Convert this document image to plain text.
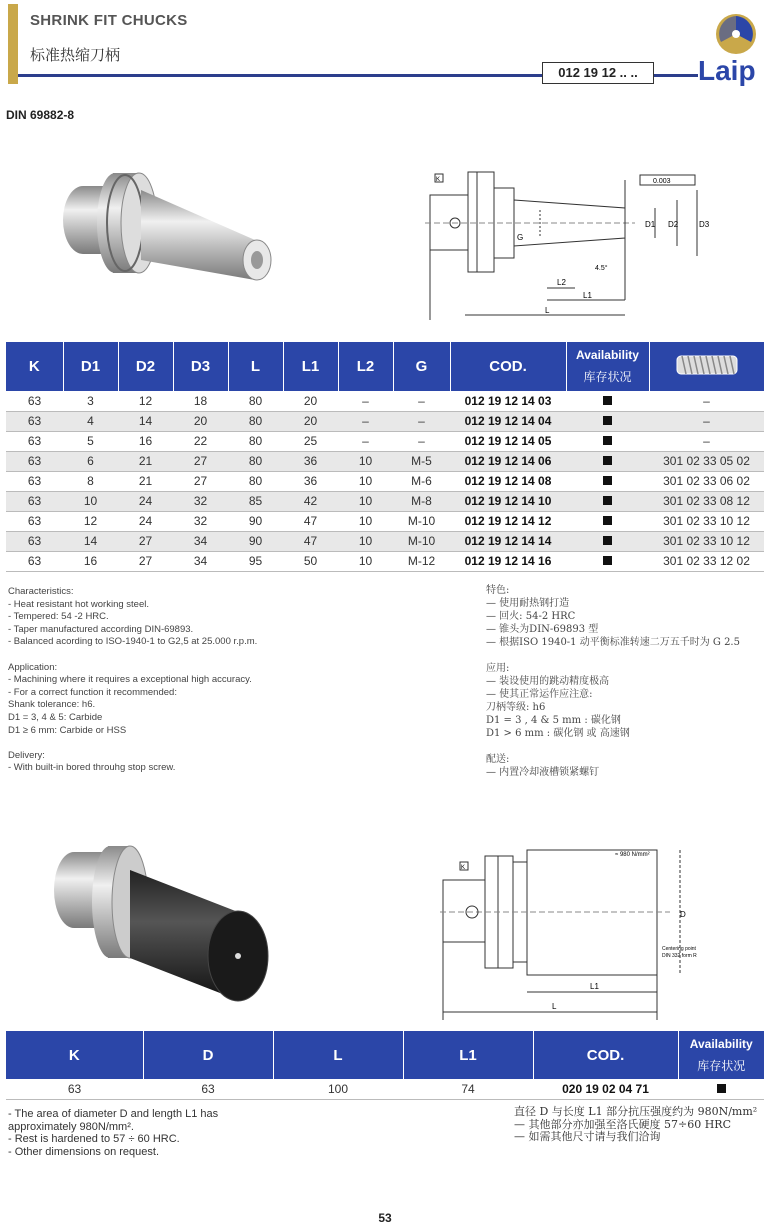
SHRINK FIT CHUCKS
标准热缩刀柄
012 19 12 .. ..	Laip
DIN 69882-8
K	0.003
D1 D2	D3
G
L2
L1
L
4.5°
K	D1	D2	D3	L	L1	L2	G	COD.	Availability
库存状况

63	3	12	18	80	20	–	–	012 19 12 14 03		–
63	4	14	20	80	20	–	–	012 19 12 14 04		–
63	5	16	22	80	25	–	–	012 19 12 14 05		–
63	6	21	27	80	36	10	M-5	012 19 12 14 06		301 02 33 05 02
63	8	21	27	80	36	10	M-6	012 19 12 14 08		301 02 33 06 02
63	10	24	32	85	42	10	M-8	012 19 12 14 10		301 02 33 08 12
63	12	24	32	90	47	10	M-10	012 19 12 14 12		301 02 33 10 12
63	14	27	34	90	47	10	M-10	012 19 12 14 14		301 02 33 10 12
63	16	27	34	95	50	10	M-12	012 19 12 14 16		301 02 33 12 02
Characteristics:
- Heat resistant hot working steel.
- Tempered: 54 -2 HRC.
- Taper manufactured according DIN-69893.
- Balanced acording to ISO-1940-1 to G2,5 at 25.000 r.p.m.
Application:
- Machining where it requires a exceptional high accuracy.
- For a correct function it recommended:
Shank tolerance: h6.
D1 = 3, 4 & 5: Carbide
D1 ≥ 6 mm: Carbide or HSS
Delivery:
- With built-in bored throuhg stop screw.
特色:
— 使用耐热钢打造
— 回火: 54-2 HRC
— 锥头为DIN-69893 型
— 根据ISO 1940-1 动平衡标准转速二万五千时为 G 2.5
应用:
— 装设使用的跳动精度极高
— 使其正常运作应注意:
刀柄等级: h6
D1 = 3 , 4 & 5 mm : 碳化钢
D1 > 6 mm : 碳化钢 或 高速钢
配送:
— 内置冷却液槽锁紧螺钉
K
≈ 980 N/mm²
D
L1
L
Centering point
DIN 332 form R
K	D	L	L1	COD.	Availability
库存状况

63	63	100	74	020 19 02 04 71	
- The area of diameter D and length L1 has
approximately 980N/mm².
- Rest is hardened to 57 ÷ 60 HRC.
- Other dimensions on request.
直径 D 与长度 L1 部分抗压强度约为 980N/mm²
— 其他部分亦加强至洛氏硬度 57÷60 HRC
— 如需其他尺寸请与我们洽询
53
